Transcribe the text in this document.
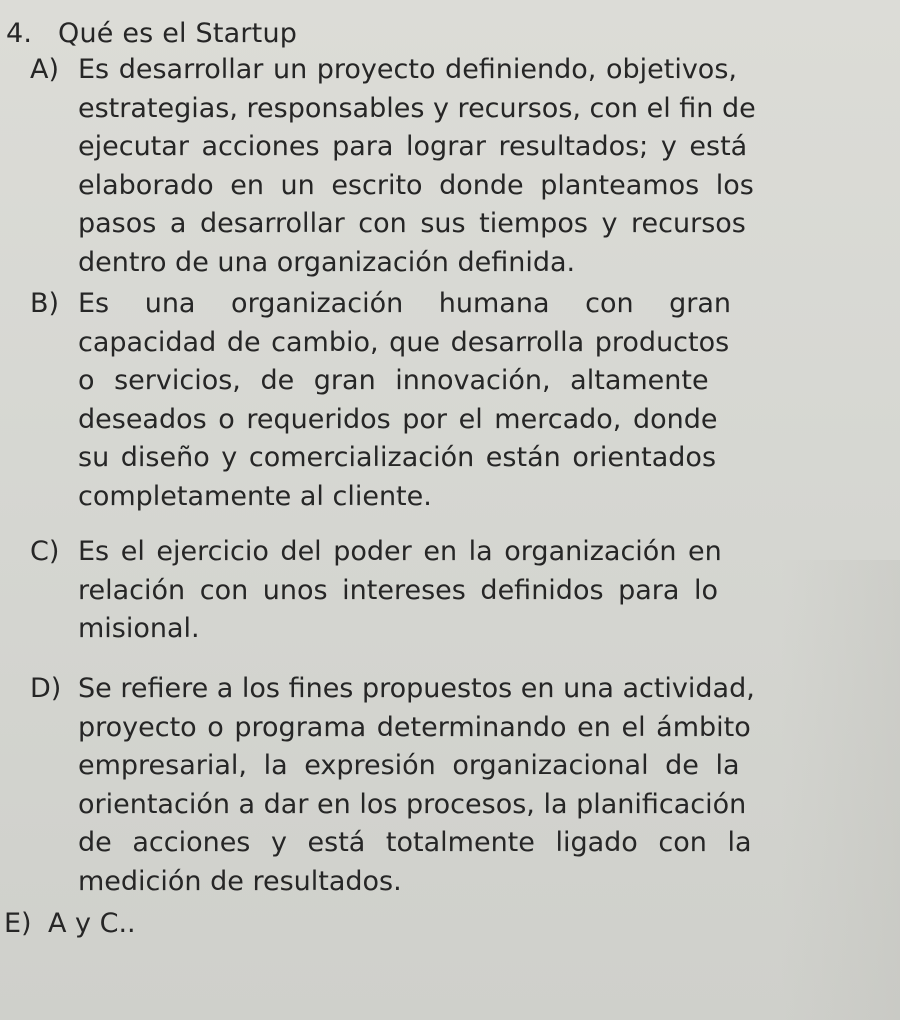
4. Qué es el Startup
A) Es desarrollar un proyecto definiendo, objetivos,
estrategias, responsables y recursos, con el fin de
ejecutar acciones para lograr resultados; y está
elaborado en un escrito donde planteamos los
pasos a desarrollar con sus tiempos y recursos
dentro de una organización definida.
B) Es una organización humana con gran
capacidad de cambio, que desarrolla productos
o servicios, de gran innovación, altamente
deseados o requeridos por el mercado, donde
su diseño y comercialización están orientados
completamente al cliente.
C) Es el ejercicio del poder en la organización en
relación con unos intereses definidos para lo
misional.
D) Se refiere a los fines propuestos en una actividad,
proyecto o programa determinando en el ámbito
empresarial, la expresión organizacional de la
orientación a dar en los procesos, la planificación
de acciones y está totalmente ligado con la
medición de resultados.
E) A y C..
